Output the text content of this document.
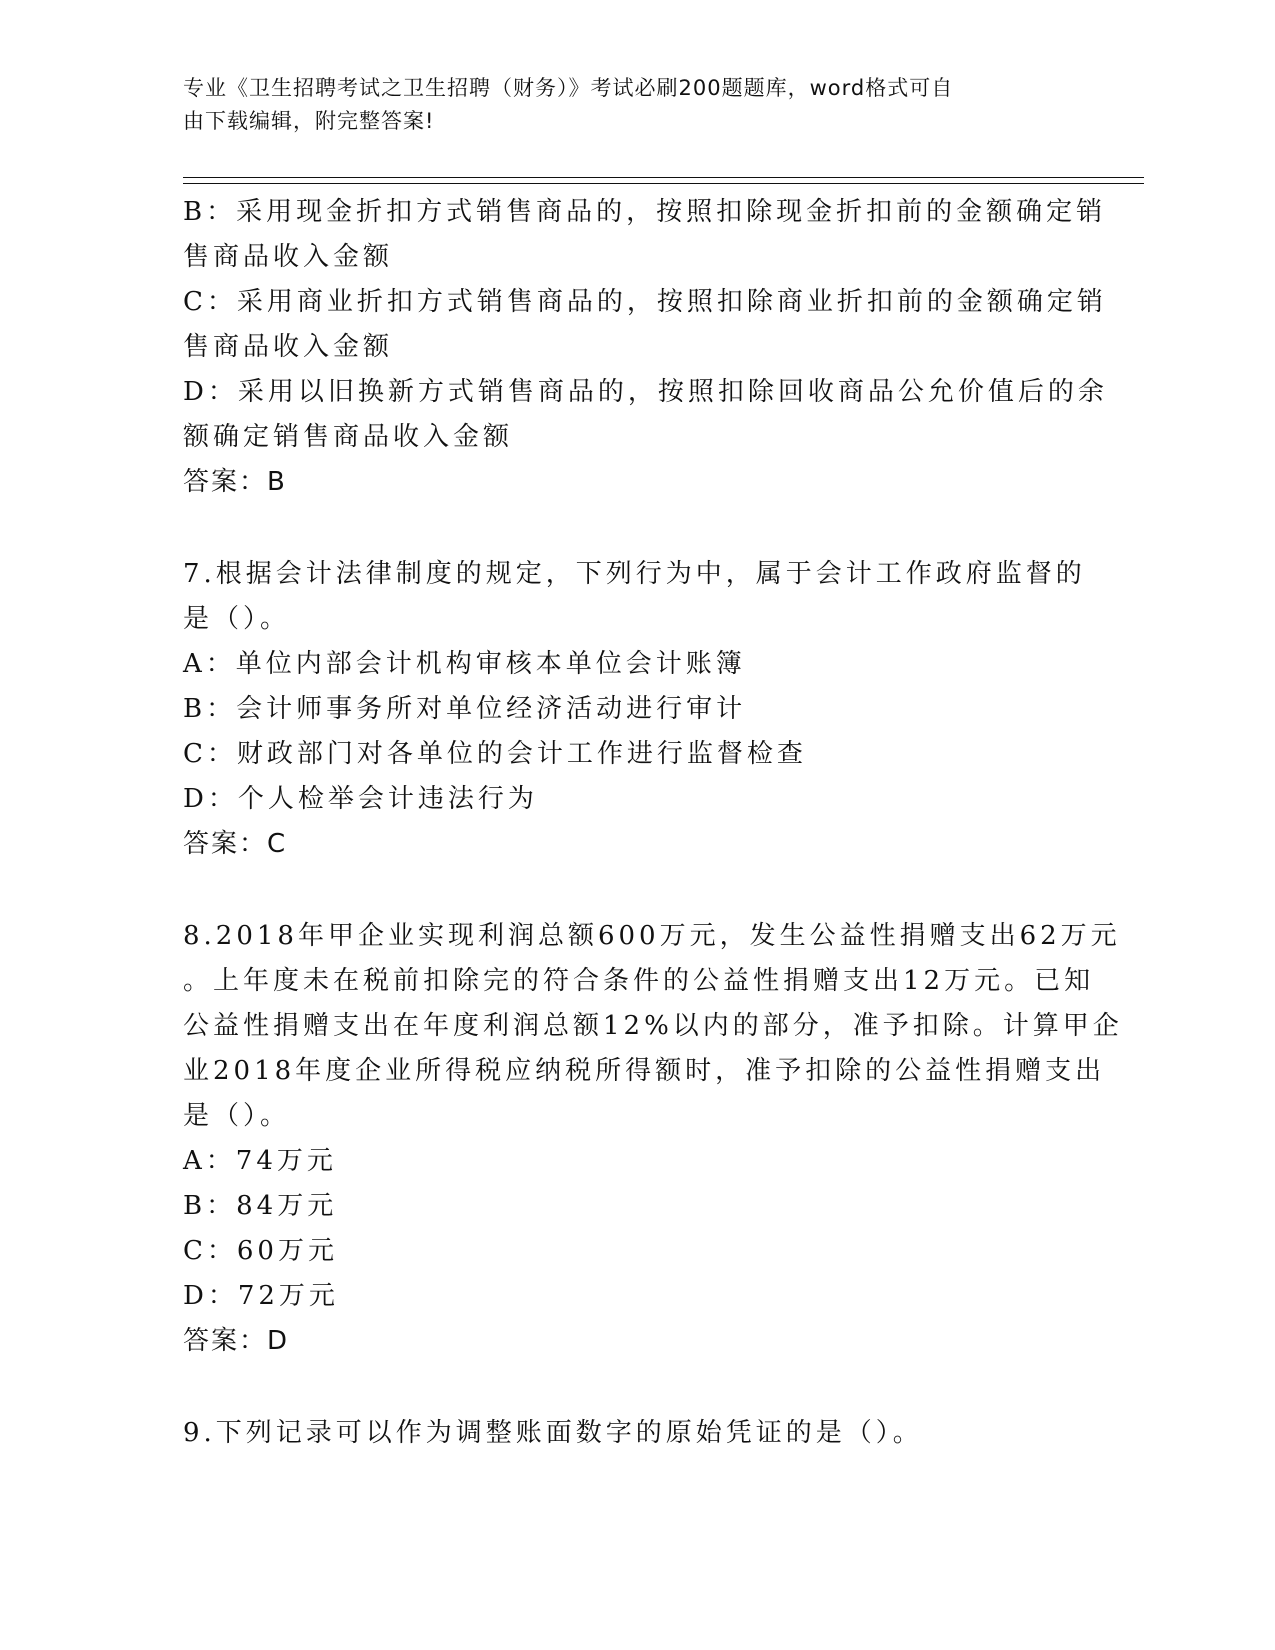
专业《卫生招聘考试之卫生招聘（财务）》考试必刷200题题库，word格式可自
由下载编辑，附完整答案!
B：采用现金折扣方式销售商品的，按照扣除现金折扣前的金额确定销
售商品收入金额
C：采用商业折扣方式销售商品的，按照扣除商业折扣前的金额确定销
售商品收入金额
D：采用以旧换新方式销售商品的，按照扣除回收商品公允价值后的余
额确定销售商品收入金额
答案：B
7.根据会计法律制度的规定，下列行为中，属于会计工作政府监督的
是（）。
A：单位内部会计机构审核本单位会计账簿
B：会计师事务所对单位经济活动进行审计
C：财政部门对各单位的会计工作进行监督检查
D：个人检举会计违法行为
答案：C
8.2018年甲企业实现利润总额600万元，发生公益性捐赠支出62万元
。上年度未在税前扣除完的符合条件的公益性捐赠支出12万元。已知
公益性捐赠支出在年度利润总额12%以内的部分，准予扣除。计算甲企
业2018年度企业所得税应纳税所得额时，准予扣除的公益性捐赠支出
是（）。
A：74万元
B：84万元
C：60万元
D：72万元
答案：D
9.下列记录可以作为调整账面数字的原始凭证的是（）。
